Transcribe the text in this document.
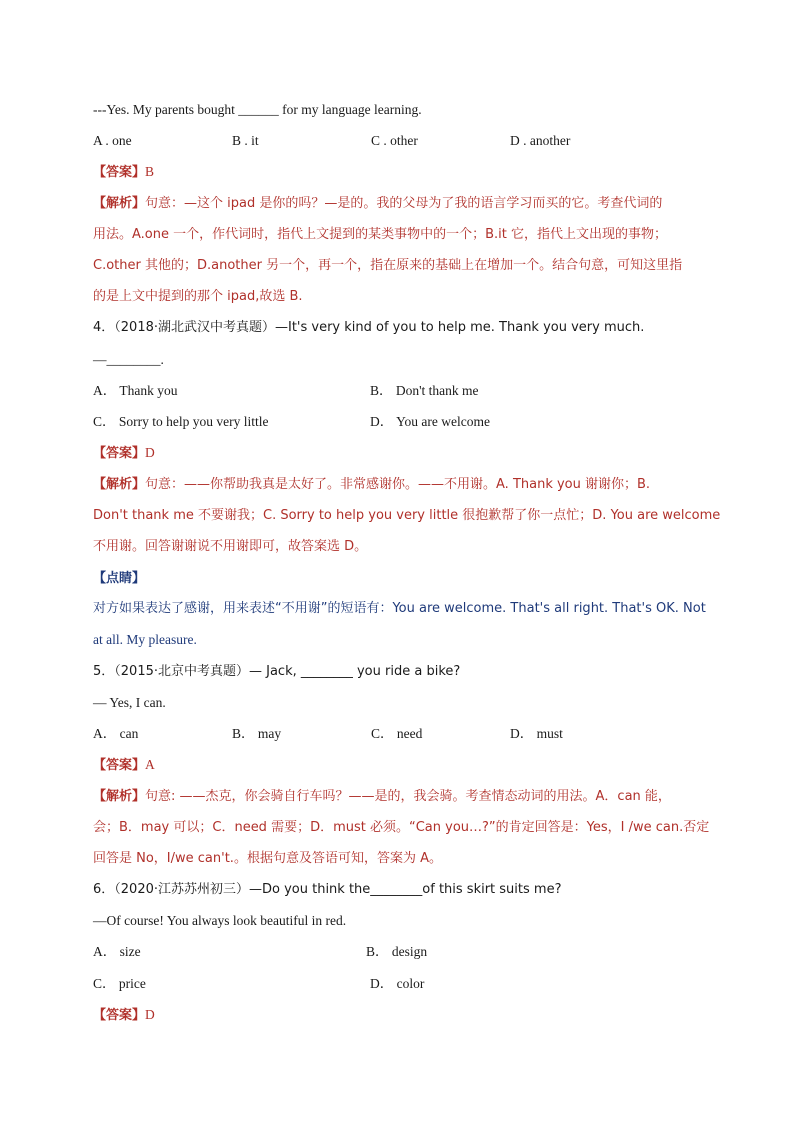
---Yes. My parents bought ______ for my language learning.
A . one	B . it	C . other	D . another
【答案】B
【解析】句意：—这个 ipad 是你的吗？—是的。我的父母为了我的语言学习而买的它。考查代词的
用法。A.one 一个，作代词时，指代上文提到的某类事物中的一个；B.it 它，指代上文出现的事物；
C.other 其他的；D.another 另一个，再一个，指在原来的基础上在增加一个。结合句意，可知这里指
的是上文中提到的那个 ipad,故选 B.
4．（2018·湖北武汉中考真题）—It's very kind of you to help me. Thank you very much.
—________.
A． Thank you	B． Don't thank me
C． Sorry to help you very little	D． You are welcome
【答案】D
【解析】句意：——你帮助我真是太好了。非常感谢你。——不用谢。A. Thank you 谢谢你；B.
Don't thank me 不要谢我；C. Sorry to help you very little 很抱歉帮了你一点忙；D. You are welcome
不用谢。回答谢谢说不用谢即可，故答案选 D。
【点睛】
对方如果表达了感谢，用来表述“不用谢”的短语有：You are welcome. That's all right. That's OK. Not
at all. My pleasure.
5．（2015·北京中考真题）— Jack, ________ you ride a bike?
— Yes, I can.
A． can	B． may	C． need	D． must
【答案】A
【解析】句意: ——杰克，你会骑自行车吗？——是的，我会骑。考查情态动词的用法。A．can 能，
会；B．may 可以；C．need 需要；D．must 必须。“Can you…?”的肯定回答是：Yes，I /we can.否定
回答是 No，I/we can't.。根据句意及答语可知，答案为 A。
6．（2020·江苏苏州初三）—Do you think the________of this skirt suits me?
—Of course! You always look beautiful in red.
A． size	B． design
C． price	D． color
【答案】D
